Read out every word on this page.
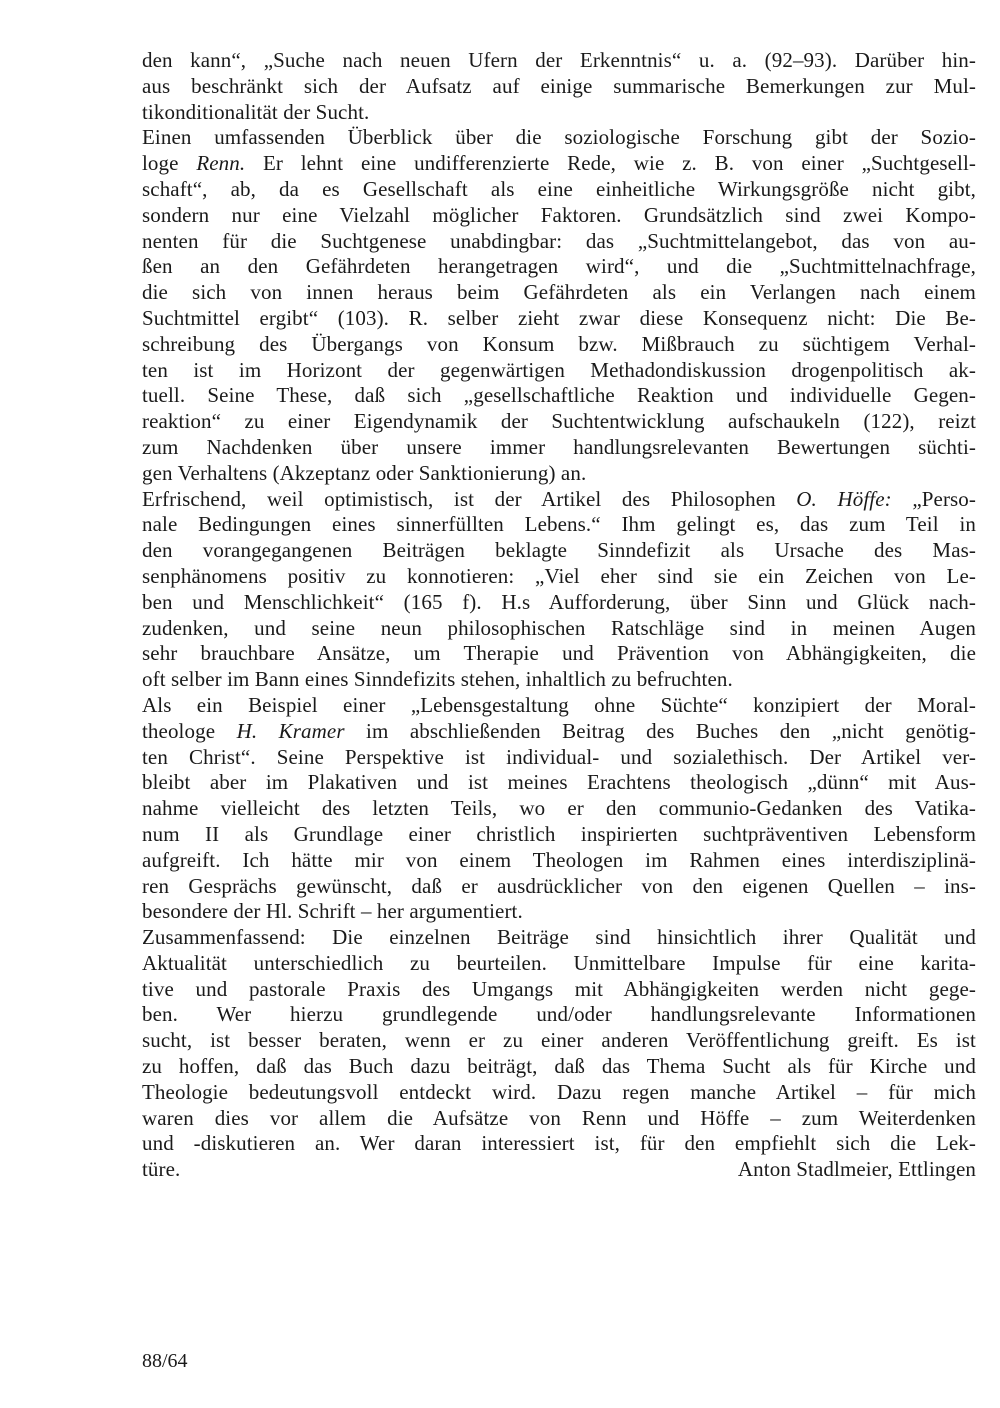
den kann“, „Suche nach neuen Ufern der Erkenntnis“ u. a. (92–93). Darüber hin-
aus beschränkt sich der Aufsatz auf einige summarische Bemerkungen zur Mul-
tikonditionalität der Sucht.
Einen umfassenden Überblick über die soziologische Forschung gibt der Sozio-
loge Renn. Er lehnt eine undifferenzierte Rede, wie z. B. von einer „Suchtgesell-
schaft“, ab, da es Gesellschaft als eine einheitliche Wirkungsgröße nicht gibt,
sondern nur eine Vielzahl möglicher Faktoren. Grundsätzlich sind zwei Kompo-
nenten für die Suchtgenese unabdingbar: das „Suchtmittelangebot, das von au-
ßen an den Gefährdeten herangetragen wird“, und die „Suchtmittelnachfrage,
die sich von innen heraus beim Gefährdeten als ein Verlangen nach einem
Suchtmittel ergibt“ (103). R. selber zieht zwar diese Konsequenz nicht: Die Be-
schreibung des Übergangs von Konsum bzw. Mißbrauch zu süchtigem Verhal-
ten ist im Horizont der gegenwärtigen Methadondiskussion drogenpolitisch ak-
tuell. Seine These, daß sich „gesellschaftliche Reaktion und individuelle Gegen-
reaktion“ zu einer Eigendynamik der Suchtentwicklung aufschaukeln (122), reizt
zum Nachdenken über unsere immer handlungsrelevanten Bewertungen süchti-
gen Verhaltens (Akzeptanz oder Sanktionierung) an.
Erfrischend, weil optimistisch, ist der Artikel des Philosophen O. Höffe: „Perso-
nale Bedingungen eines sinnerfüllten Lebens.“ Ihm gelingt es, das zum Teil in
den vorangegangenen Beiträgen beklagte Sinndefizit als Ursache des Mas-
senphänomens positiv zu konnotieren: „Viel eher sind sie ein Zeichen von Le-
ben und Menschlichkeit“ (165 f). H.s Aufforderung, über Sinn und Glück nach-
zudenken, und seine neun philosophischen Ratschläge sind in meinen Augen
sehr brauchbare Ansätze, um Therapie und Prävention von Abhängigkeiten, die
oft selber im Bann eines Sinndefizits stehen, inhaltlich zu befruchten.
Als ein Beispiel einer „Lebensgestaltung ohne Süchte“ konzipiert der Moral-
theologe H. Kramer im abschließenden Beitrag des Buches den „nicht genötig-
ten Christ“. Seine Perspektive ist individual- und sozialethisch. Der Artikel ver-
bleibt aber im Plakativen und ist meines Erachtens theologisch „dünn“ mit Aus-
nahme vielleicht des letzten Teils, wo er den communio-Gedanken des Vatika-
num II als Grundlage einer christlich inspirierten suchtpräventiven Lebensform
aufgreift. Ich hätte mir von einem Theologen im Rahmen eines interdisziplinä-
ren Gesprächs gewünscht, daß er ausdrücklicher von den eigenen Quellen – ins-
besondere der Hl. Schrift – her argumentiert.
Zusammenfassend: Die einzelnen Beiträge sind hinsichtlich ihrer Qualität und
Aktualität unterschiedlich zu beurteilen. Unmittelbare Impulse für eine karita-
tive und pastorale Praxis des Umgangs mit Abhängigkeiten werden nicht gege-
ben. Wer hierzu grundlegende und/oder handlungsrelevante Informationen
sucht, ist besser beraten, wenn er zu einer anderen Veröffentlichung greift. Es ist
zu hoffen, daß das Buch dazu beiträgt, daß das Thema Sucht als für Kirche und
Theologie bedeutungsvoll entdeckt wird. Dazu regen manche Artikel – für mich
waren dies vor allem die Aufsätze von Renn und Höffe – zum Weiterdenken
und -diskutieren an. Wer daran interessiert ist, für den empfiehlt sich die Lek-
türe.	Anton Stadlmeier, Ettlingen
88/64
